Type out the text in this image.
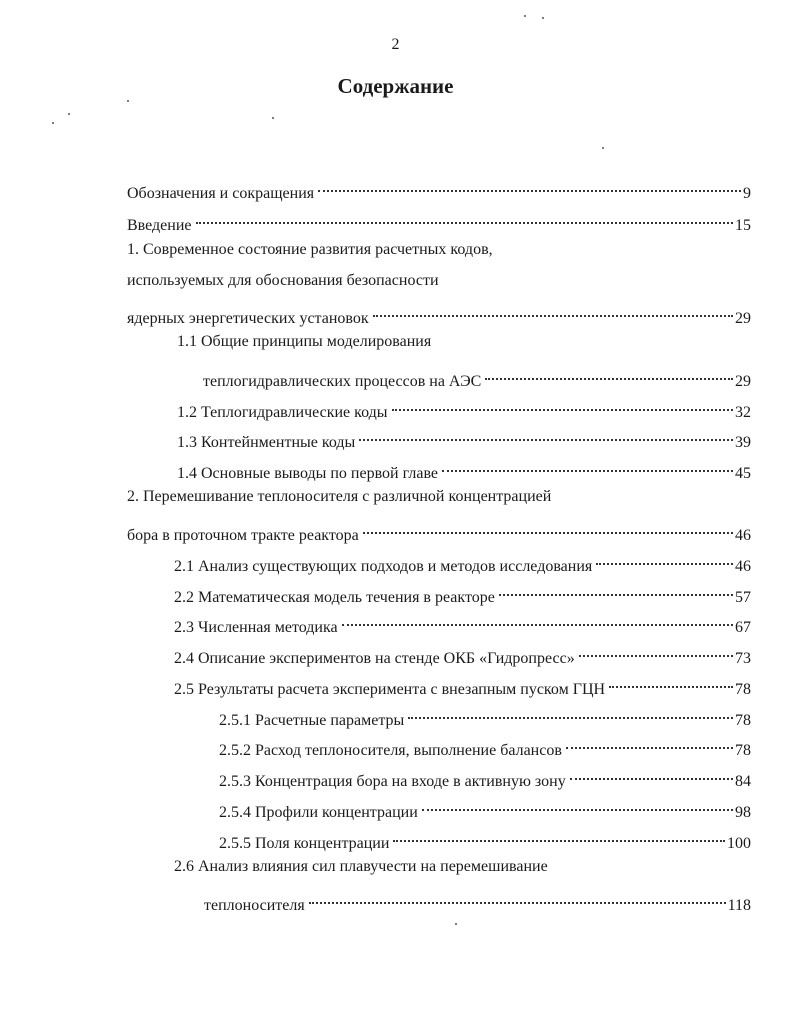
2
Содержание
Обозначения и сокращения	9
Введение	15
1. Современное состояние развития расчетных кодов,
используемых для обоснования безопасности
ядерных энергетических установок	29
1.1 Общие принципы моделирования
теплогидравлических процессов на АЭС	29
1.2 Теплогидравлические коды	32
1.3 Контейнментные коды	39
1.4 Основные выводы по первой главе	45
2. Перемешивание теплоносителя с различной концентрацией
бора в проточном тракте реактора	46
2.1 Анализ существующих подходов и методов исследования	46
2.2 Математическая модель течения в реакторе	57
2.3 Численная методика	67
2.4 Описание экспериментов на стенде ОКБ «Гидропресс»	73
2.5 Результаты расчета эксперимента с внезапным пуском ГЦН	78
2.5.1 Расчетные параметры	78
2.5.2 Расход теплоносителя, выполнение балансов	78
2.5.3 Концентрация бора на входе в активную зону	84
2.5.4 Профили концентрации	98
2.5.5 Поля концентрации	100
2.6 Анализ влияния сил плавучести на перемешивание
теплоносителя	118
